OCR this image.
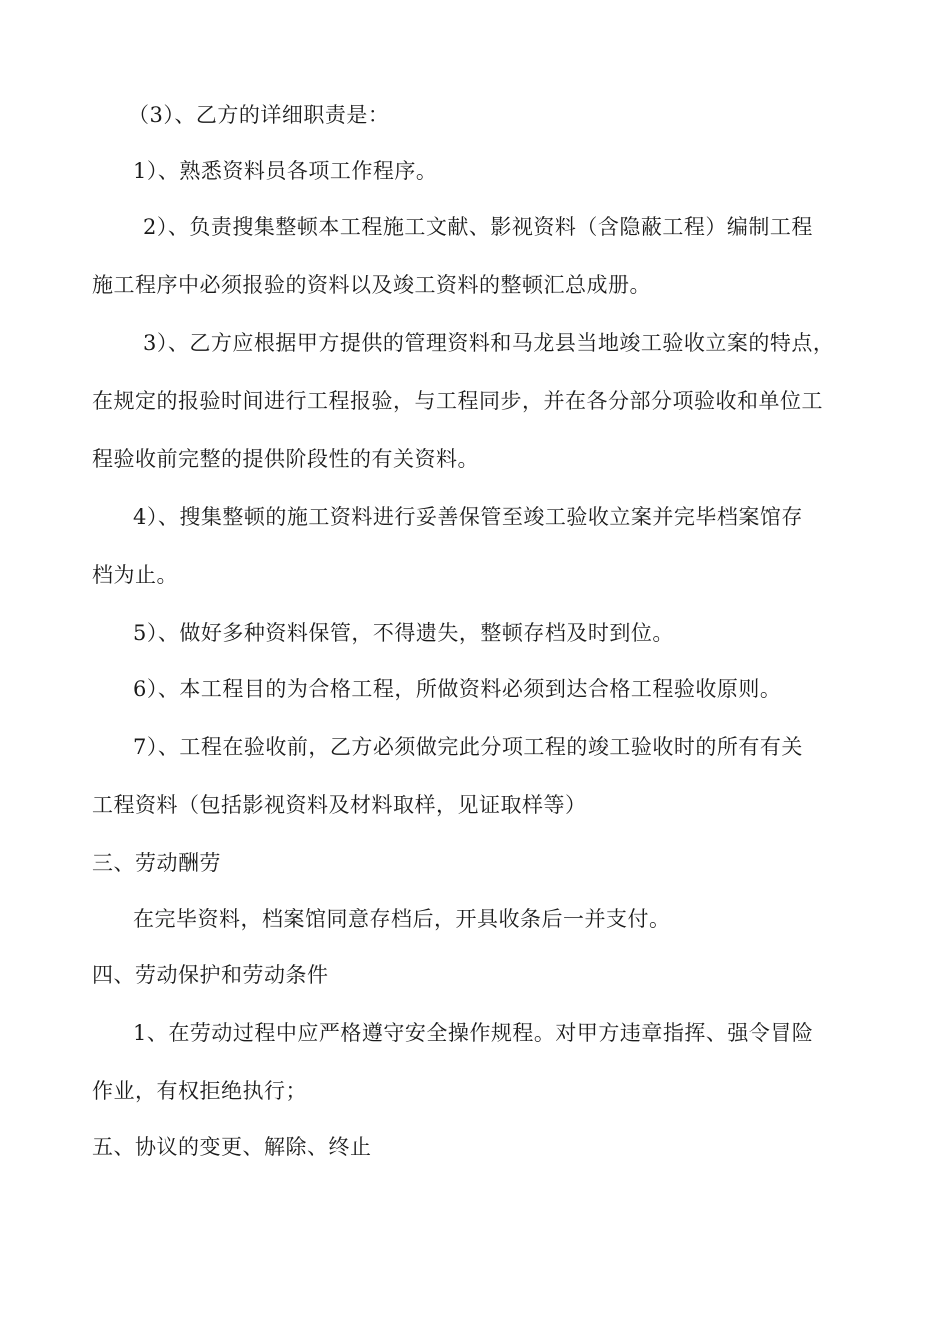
（3）、乙方的详细职责是：
1）、熟悉资料员各项工作程序。
2）、负责搜集整顿本工程施工文献、影视资料（含隐蔽工程）编制工程
施工程序中必须报验的资料以及竣工资料的整顿汇总成册。
3）、乙方应根据甲方提供的管理资料和马龙县当地竣工验收立案的特点，
在规定的报验时间进行工程报验，与工程同步，并在各分部分项验收和单位工
程验收前完整的提供阶段性的有关资料。
4）、搜集整顿的施工资料进行妥善保管至竣工验收立案并完毕档案馆存
档为止。
5）、做好多种资料保管，不得遗失，整顿存档及时到位。
6）、本工程目的为合格工程，所做资料必须到达合格工程验收原则。
7）、工程在验收前，乙方必须做完此分项工程的竣工验收时的所有有关
工程资料（包括影视资料及材料取样，见证取样等）
三、劳动酬劳
在完毕资料，档案馆同意存档后，开具收条后一并支付。
四、劳动保护和劳动条件
1、在劳动过程中应严格遵守安全操作规程。对甲方违章指挥、强令冒险
作业，有权拒绝执行；
五、协议的变更、解除、终止
